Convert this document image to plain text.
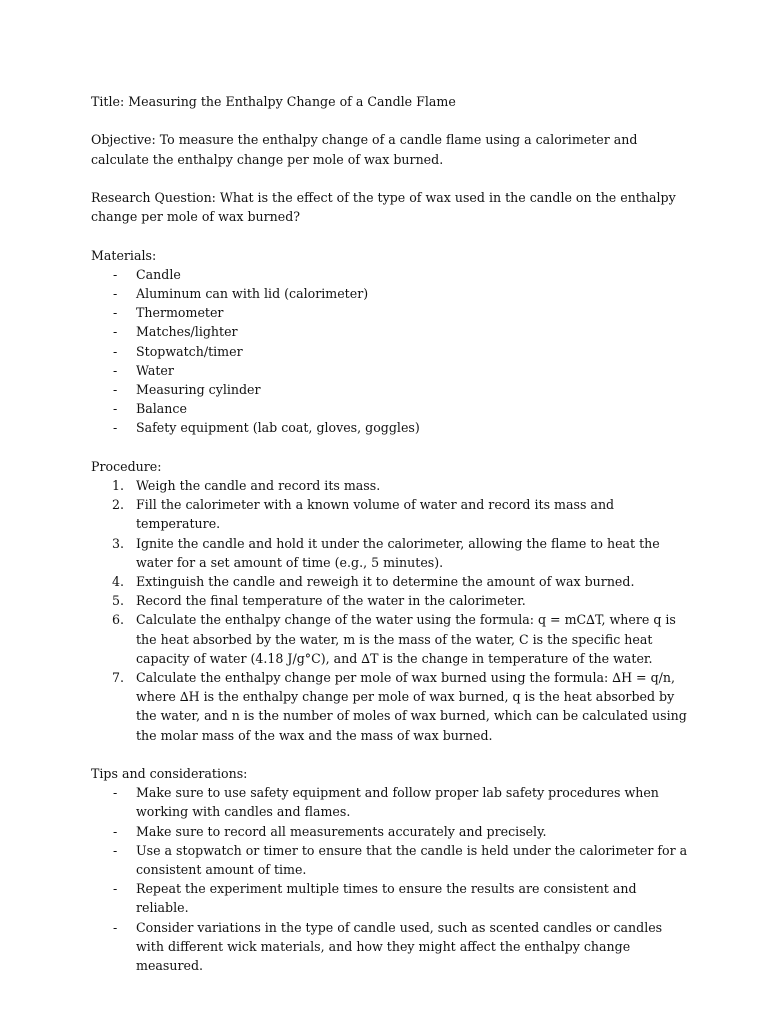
Title: Measuring the Enthalpy Change of a Candle Flame

Objective: To measure the enthalpy change of a candle flame using a calorimeter and calculate the enthalpy change per mole of wax burned.

Research Question: What is the effect of the type of wax used in the candle on the enthalpy change per mole of wax burned?

Materials:

- Candle
- Aluminum can with lid (calorimeter)
- Thermometer
- Matches/lighter
- Stopwatch/timer
- Water
- Measuring cylinder
- Balance
- Safety equipment (lab coat, gloves, goggles)

Procedure:

1. Weigh the candle and record its mass.
2. Fill the calorimeter with a known volume of water and record its mass and temperature.
3. Ignite the candle and hold it under the calorimeter, allowing the flame to heat the water for a set amount of time (e.g., 5 minutes).
4. Extinguish the candle and reweigh it to determine the amount of wax burned.
5. Record the final temperature of the water in the calorimeter.
6. Calculate the enthalpy change of the water using the formula: q = mC∆T, where q is the heat absorbed by the water, m is the mass of the water, C is the specific heat capacity of water (4.18 J/g°C), and ∆T is the change in temperature of the water.
7. Calculate the enthalpy change per mole of wax burned using the formula: ∆H = q/n, where ∆H is the enthalpy change per mole of wax burned, q is the heat absorbed by the water, and n is the number of moles of wax burned, which can be calculated using the molar mass of the wax and the mass of wax burned.

Tips and considerations:

- Make sure to use safety equipment and follow proper lab safety procedures when working with candles and flames.
- Make sure to record all measurements accurately and precisely.
- Use a stopwatch or timer to ensure that the candle is held under the calorimeter for a consistent amount of time.
- Repeat the experiment multiple times to ensure the results are consistent and reliable.
- Consider variations in the type of candle used, such as scented candles or candles with different wick materials, and how they might affect the enthalpy change measured.
